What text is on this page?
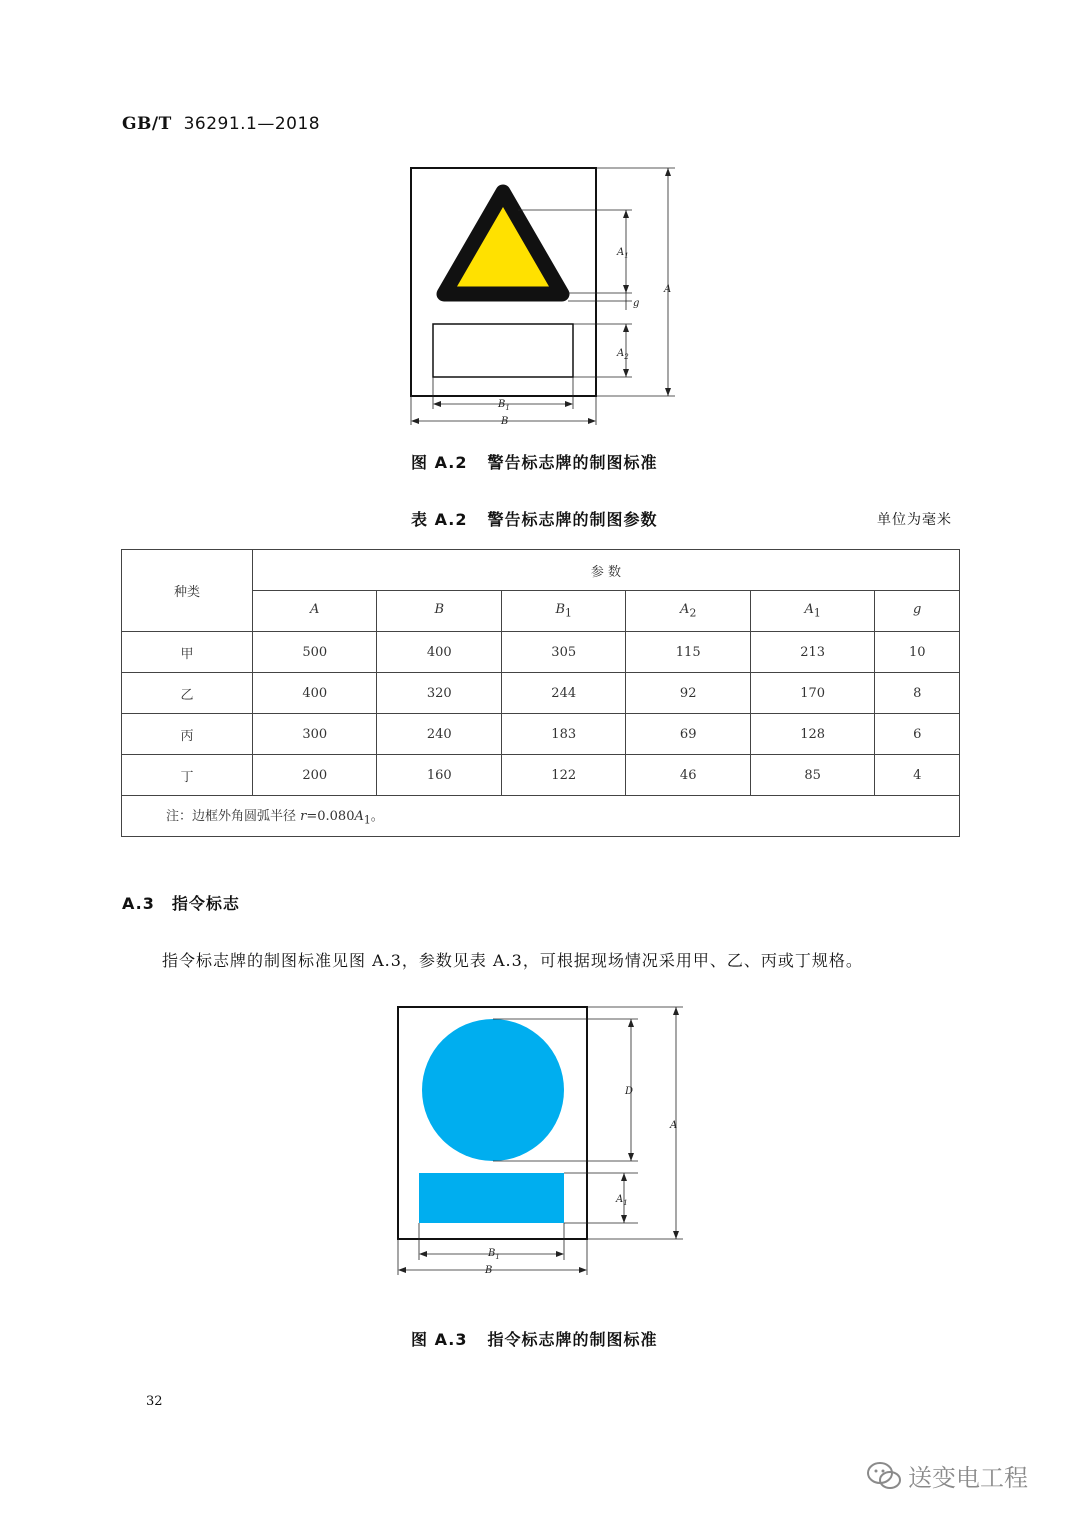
GB/T 36291.1—2018
A
$A_1$
g
$A_2$
$B_1$
B
图 A.2 警告标志牌的制图标准
表 A.2 警告标志牌的制图参数	单位为毫米
种类	参 数					
	A	B	$B_1$	$A_2$	$A_1$	g
甲	500	400	305	115	213	10
乙	400	320	244	92	170	8
丙	300	240	183	69	128	6
丁	200	160	122	46	85	4
注：边框外角圆弧半径 $r=0.080A_1$。						
A.3　指令标志
指令标志牌的制图标准见图 A.3，参数见表 A.3，可根据现场情况采用甲、乙、丙或丁规格。
A
D
$A_1$
$B_1$
B
图 A.3 指令标志牌的制图标准
32
送变电工程
